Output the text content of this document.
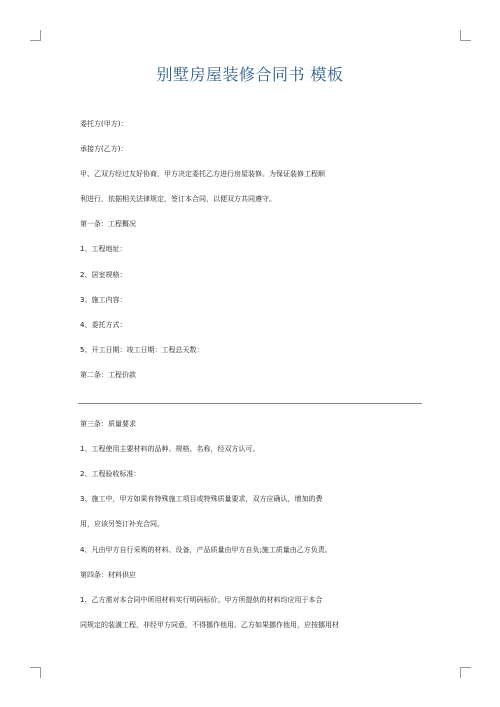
别墅房屋装修合同书 模板
委托方(甲方)：
承接方(乙方)：
甲、乙双方经过友好协商，甲方决定委托乙方进行房屋装修。为保证装修工程顺
利进行，依据相关法律规定，签订本合同，以便双方共同遵守。
第一条：工程概况
1、工程地址：
2、居室规格：
3、施工内容：
4、委托方式：
5、开工日期：竣工日期：工程总天数：
第二条：工程价款
第三条：质量要求
1、工程使用主要材料的品种、规格、名称，经双方认可。
2、工程验收标准：
3、施工中，甲方如果有特殊施工项目或特殊质量要求，双方应确认，增加的费
用，应该另签订补充合同。
4、凡由甲方自行采购的材料、设备，产品质量由甲方自负;施工质量由乙方负责。
第四条：材料供应
1、乙方需对本合同中所用材料实行明码标价。甲方所提供的材料均应用于本合
同规定的装潢工程，非经甲方同意，不得挪作他用。乙方如果挪作他用，应按挪用材
